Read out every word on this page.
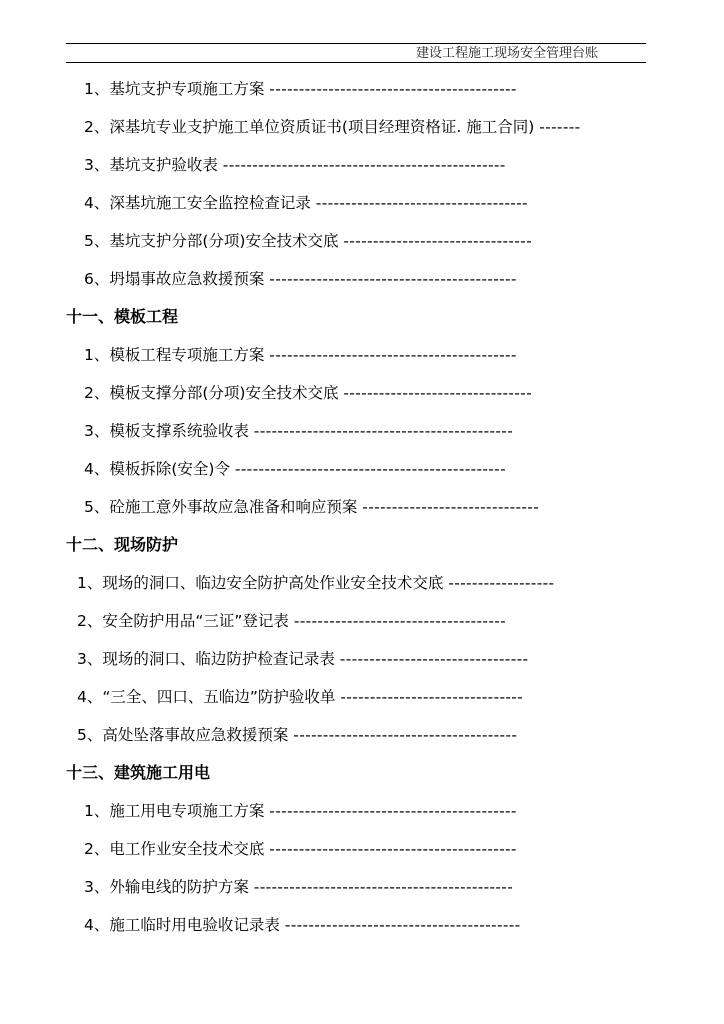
建设工程施工现场安全管理台账
1、基坑支护专项施工方案 ------------------------------------------
2、深基坑专业支护施工单位资质证书(项目经理资格证. 施工合同) -------
3、基坑支护验收表 ------------------------------------------------
4、深基坑施工安全监控检查记录 ------------------------------------
5、基坑支护分部(分项)安全技术交底 --------------------------------
6、坍塌事故应急救援预案 ------------------------------------------
十一、模板工程
1、模板工程专项施工方案 ------------------------------------------
2、模板支撑分部(分项)安全技术交底 --------------------------------
3、模板支撑系统验收表 --------------------------------------------
4、模板拆除(安全)令 ----------------------------------------------
5、砼施工意外事故应急准备和响应预案 ------------------------------
十二、现场防护
1、现场的洞口、临边安全防护高处作业安全技术交底 ------------------
2、安全防护用品“三证”登记表 ------------------------------------
3、现场的洞口、临边防护检查记录表 --------------------------------
4、“三全、四口、五临边”防护验收单 -------------------------------
5、高处坠落事故应急救援预案 --------------------------------------
十三、建筑施工用电
1、施工用电专项施工方案 ------------------------------------------
2、电工作业安全技术交底 ------------------------------------------
3、外输电线的防护方案 --------------------------------------------
4、施工临时用电验收记录表 ----------------------------------------
